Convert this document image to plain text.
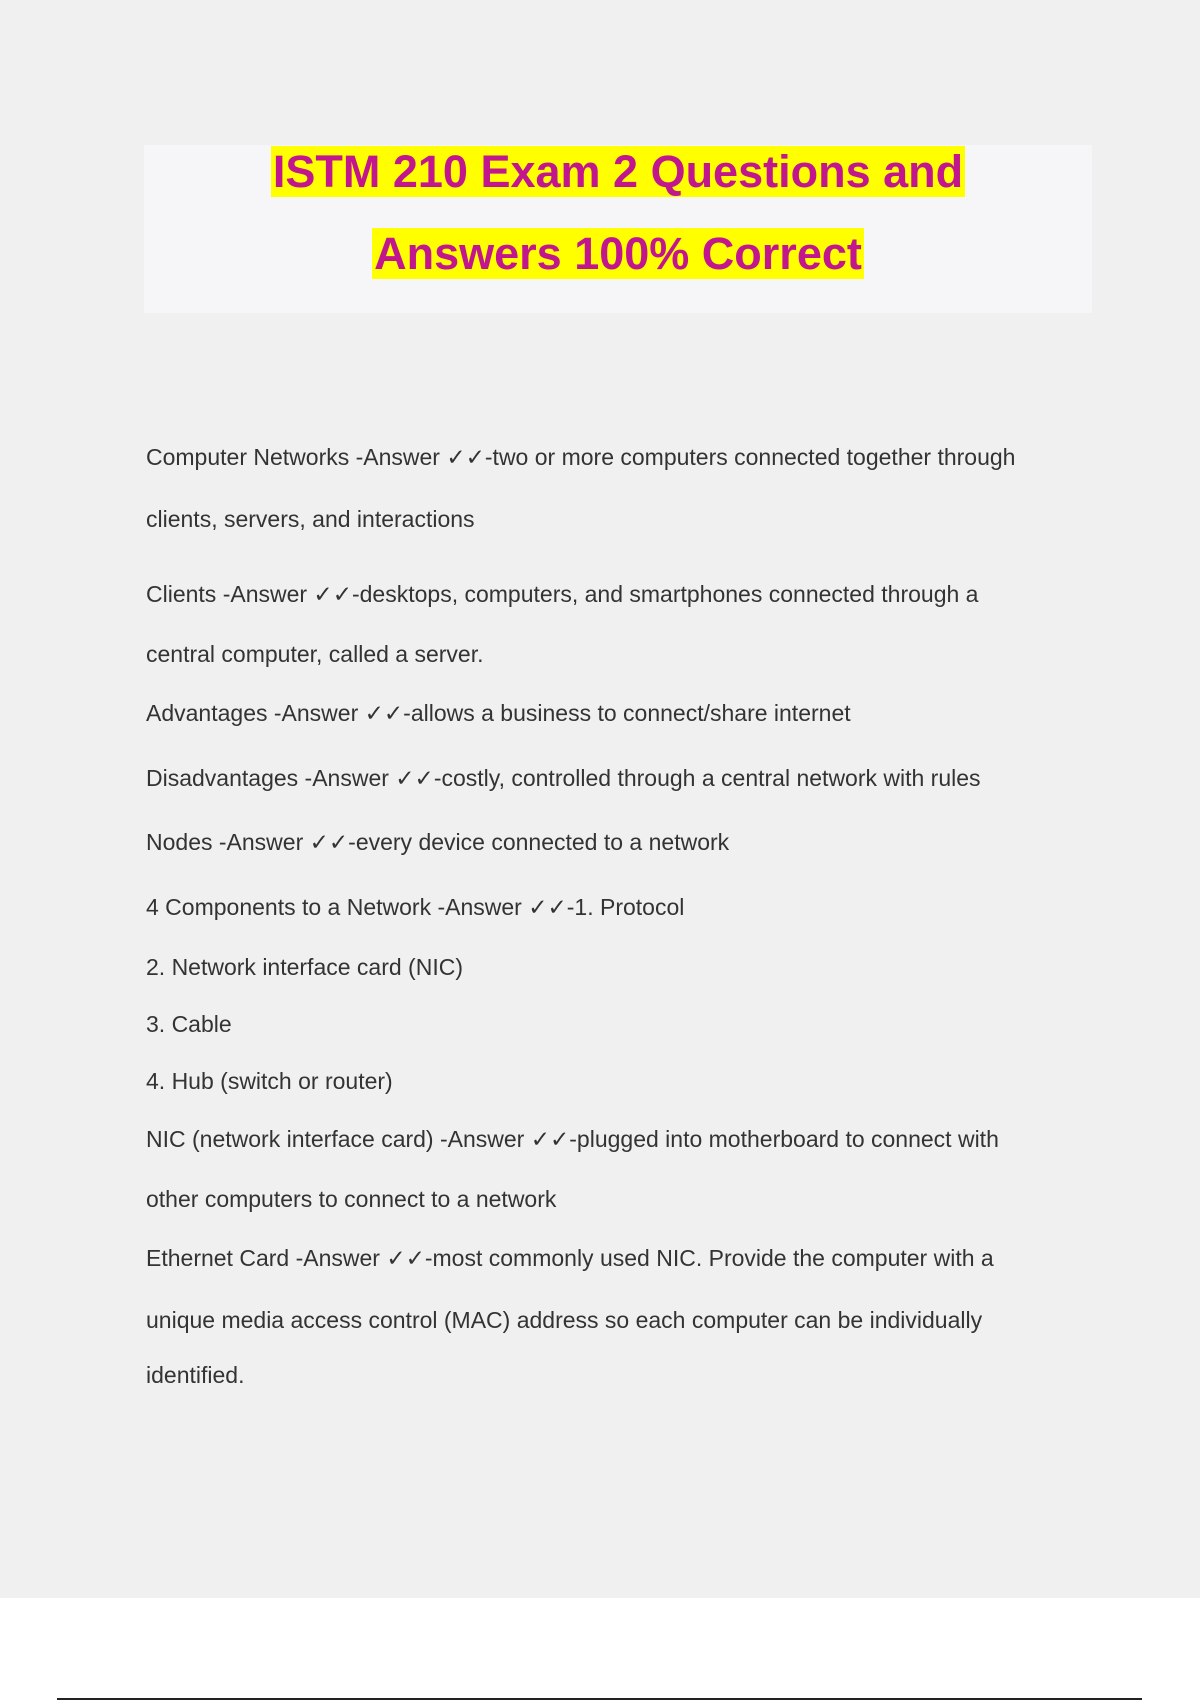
ISTM 210 Exam 2 Questions and
Answers 100% Correct
Computer Networks -Answer ✓✓-two or more computers connected together through
clients, servers, and interactions
Clients -Answer ✓✓-desktops, computers, and smartphones connected through a
central computer, called a server.
Advantages -Answer ✓✓-allows a business to connect/share internet
Disadvantages -Answer ✓✓-costly, controlled through a central network with rules
Nodes -Answer ✓✓-every device connected to a network
4 Components to a Network -Answer ✓✓-1. Protocol
2. Network interface card (NIC)
3. Cable
4. Hub (switch or router)
NIC (network interface card) -Answer ✓✓-plugged into motherboard to connect with
other computers to connect to a network
Ethernet Card -Answer ✓✓-most commonly used NIC. Provide the computer with a
unique media access control (MAC) address so each computer can be individually
identified.
